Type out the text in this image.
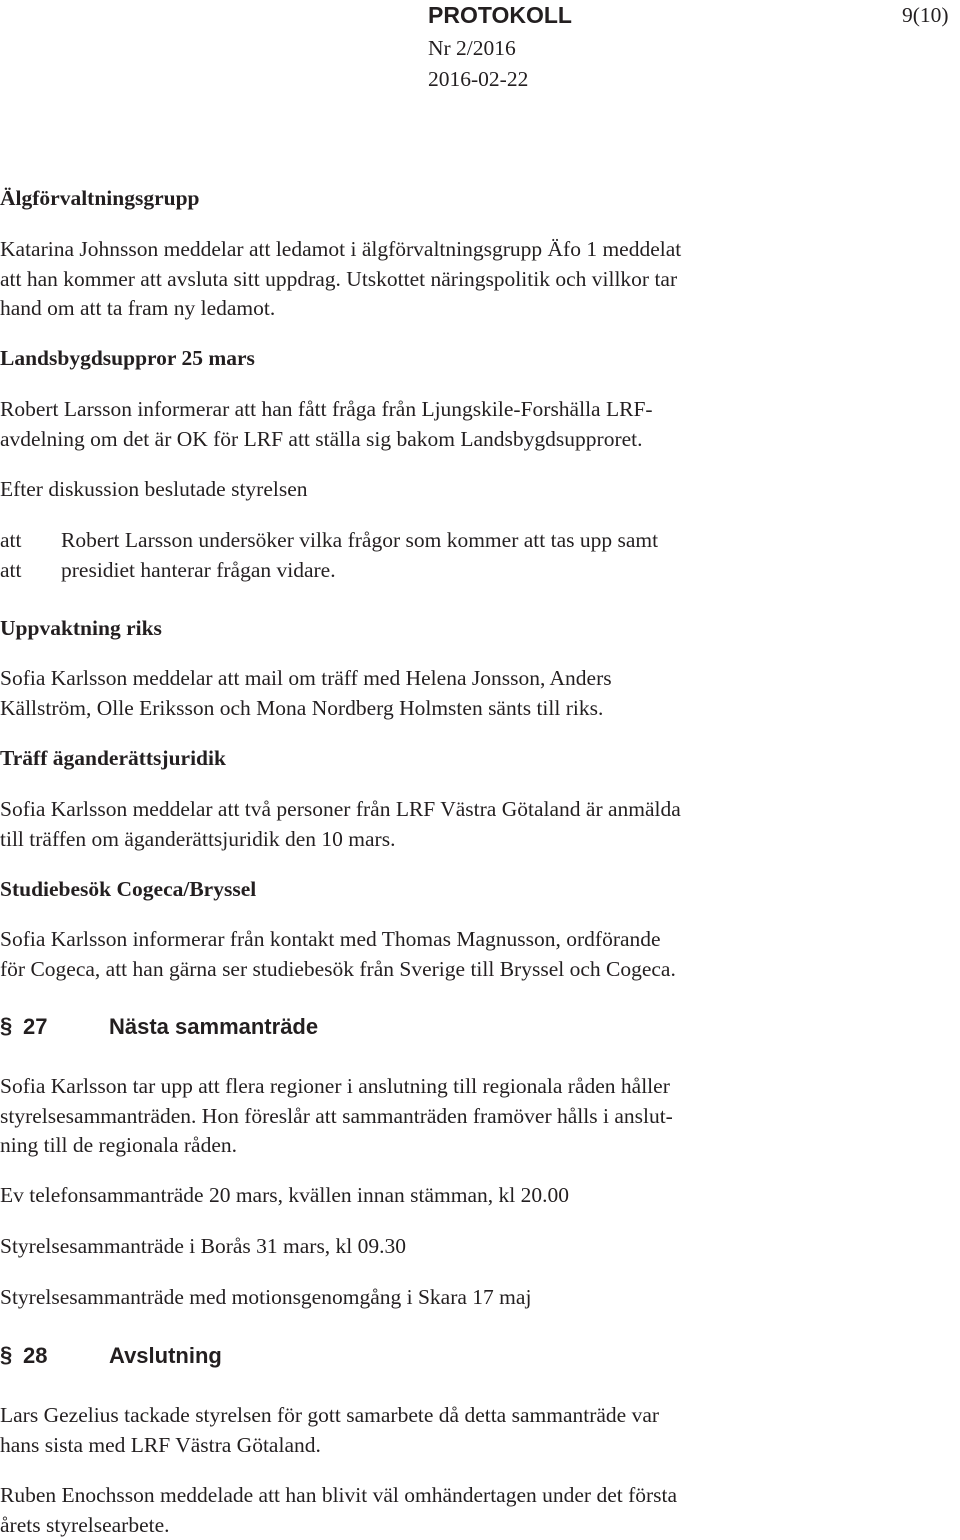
PROTOKOLL	9(10)
Nr 2/2016
2016-02-22
Älgförvaltningsgrupp
Katarina Johnsson meddelar att ledamot i älgförvaltningsgrupp Äfo 1 meddelat
att han kommer att avsluta sitt uppdrag. Utskottet näringspolitik och villkor tar
hand om att ta fram ny ledamot.
Landsbygdsuppror 25 mars
Robert Larsson informerar att han fått fråga från Ljungskile-Forshälla LRF-
avdelning om det är OK för LRF att ställa sig bakom Landsbygdsupproret.
Efter diskussion beslutade styrelsen
att Robert Larsson undersöker vilka frågor som kommer att tas upp samt
att presidiet hanterar frågan vidare.
Uppvaktning riks
Sofia Karlsson meddelar att mail om träff med Helena Jonsson, Anders
Källström, Olle Eriksson och Mona Nordberg Holmsten sänts till riks.
Träff äganderättsjuridik
Sofia Karlsson meddelar att två personer från LRF Västra Götaland är anmälda
till träffen om äganderättsjuridik den 10 mars.
Studiebesök Cogeca/Bryssel
Sofia Karlsson informerar från kontakt med Thomas Magnusson, ordförande
för Cogeca, att han gärna ser studiebesök från Sverige till Bryssel och Cogeca.
§ 27	Nästa sammanträde
Sofia Karlsson tar upp att flera regioner i anslutning till regionala råden håller
styrelsesammanträden. Hon föreslår att sammanträden framöver hålls i anslut-
ning till de regionala råden.
Ev telefonsammanträde 20 mars, kvällen innan stämman, kl 20.00
Styrelsesammanträde i Borås 31 mars, kl 09.30
Styrelsesammanträde med motionsgenomgång i Skara 17 maj
§ 28	Avslutning
Lars Gezelius tackade styrelsen för gott samarbete då detta sammanträde var
hans sista med LRF Västra Götaland.
Ruben Enochsson meddelade att han blivit väl omhändertagen under det första
årets styrelsearbete.
